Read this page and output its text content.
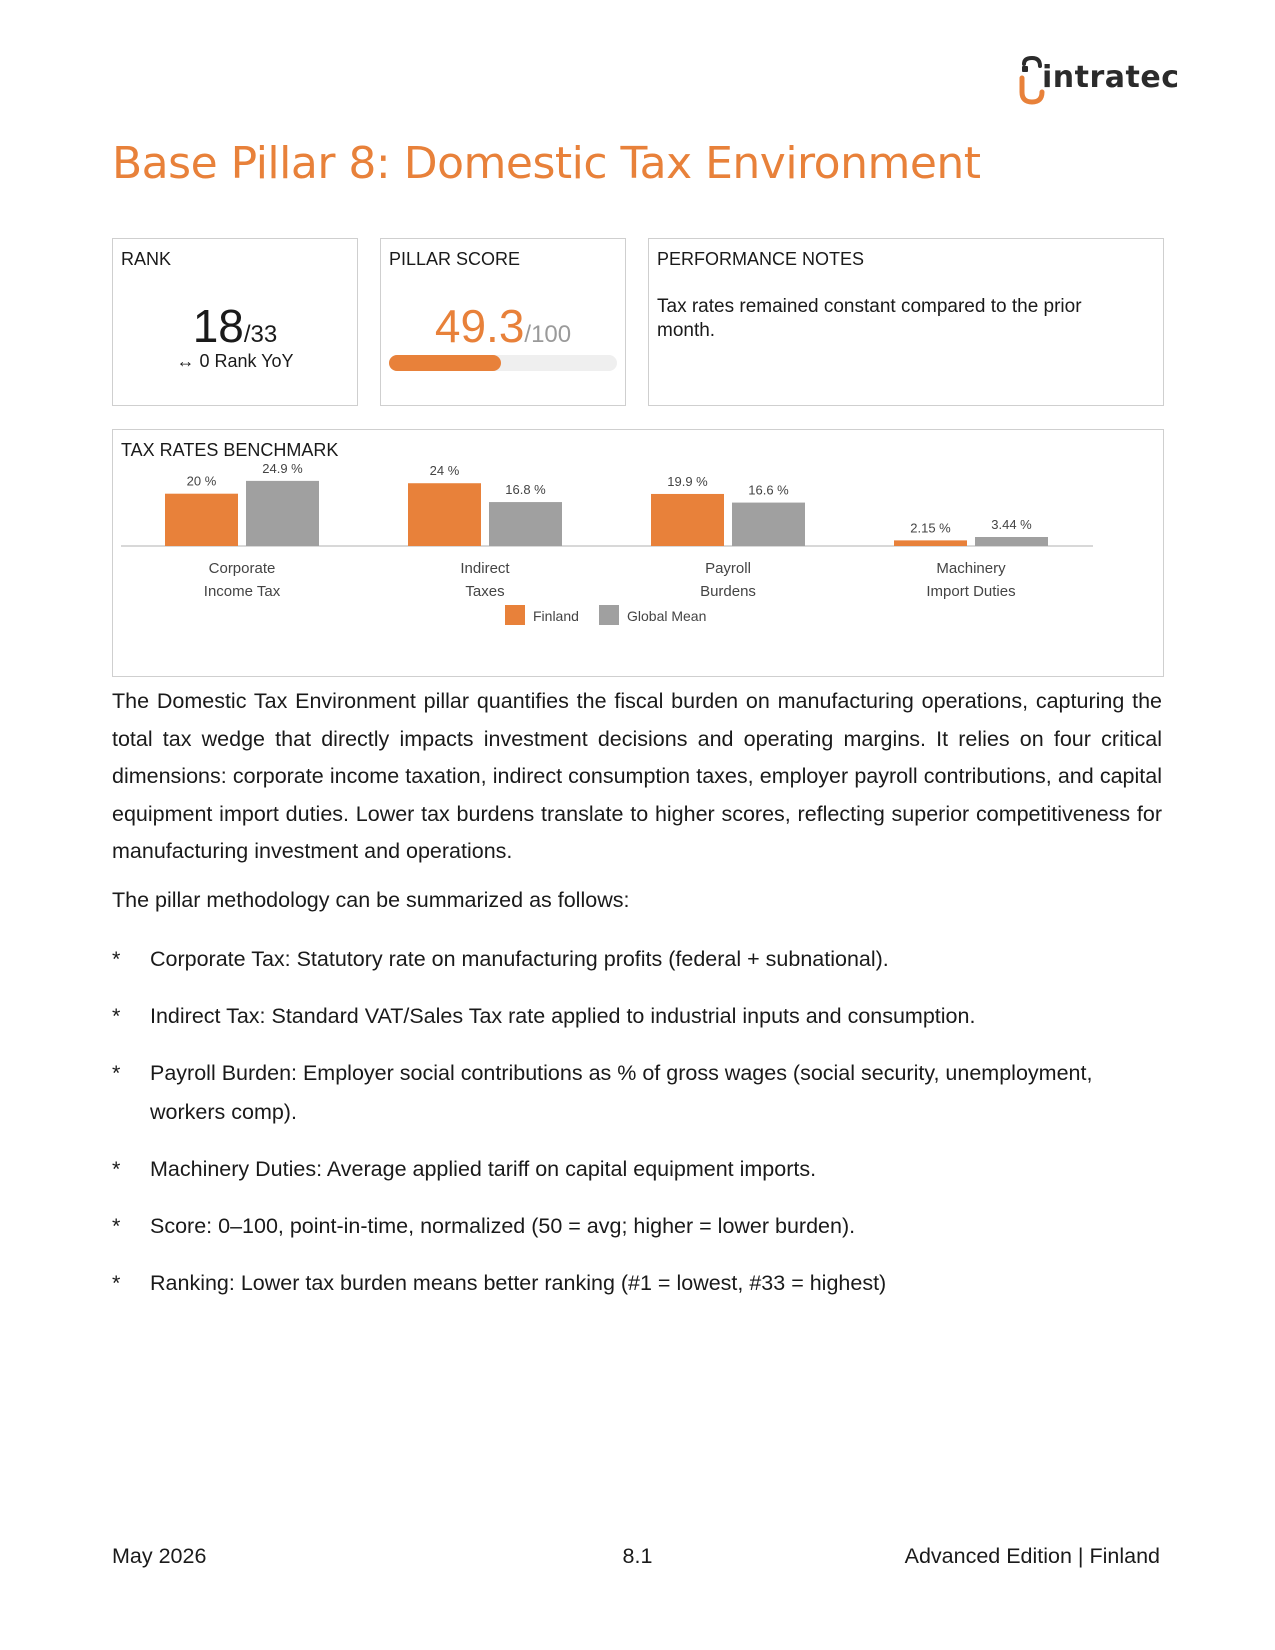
intratec
Base Pillar 8: Domestic Tax Environment
RANK
18/33
↔ 0 Rank YoY
PILLAR SCORE
49.3/100
PERFORMANCE NOTES
Tax rates remained constant compared to the prior month.
TAX RATES BENCHMARK
20 %
24.9 %
Corporate
Income Tax
24 %
16.8 %
Indirect
Taxes
19.9 %
16.6 %
Payroll
Burdens
2.15 %	3.44 %
Machinery
Import Duties
Finland	Global Mean

The Domestic Tax Environment pillar quantifies the fiscal burden on manufacturing operations, capturing the total tax wedge that directly impacts investment decisions and operating margins. It relies on four critical dimensions: corporate income taxation, indirect consumption taxes, employer payroll contributions, and capital equipment import duties. Lower tax burdens translate to higher scores, reflecting superior competitiveness for manufacturing investment and operations.

The pillar methodology can be summarized as follows:

* Corporate Tax: Statutory rate on manufacturing profits (federal + subnational).
* Indirect Tax: Standard VAT/Sales Tax rate applied to industrial inputs and consumption.
* Payroll Burden: Employer social contributions as % of gross wages (social security, unemployment, workers comp).
* Machinery Duties: Average applied tariff on capital equipment imports.
* Score: 0–100, point-in-time, normalized (50 = avg; higher = lower burden).
* Ranking: Lower tax burden means better ranking (#1 = lowest, #33 = highest)
May 2026	8.1	Advanced Edition | Finland
